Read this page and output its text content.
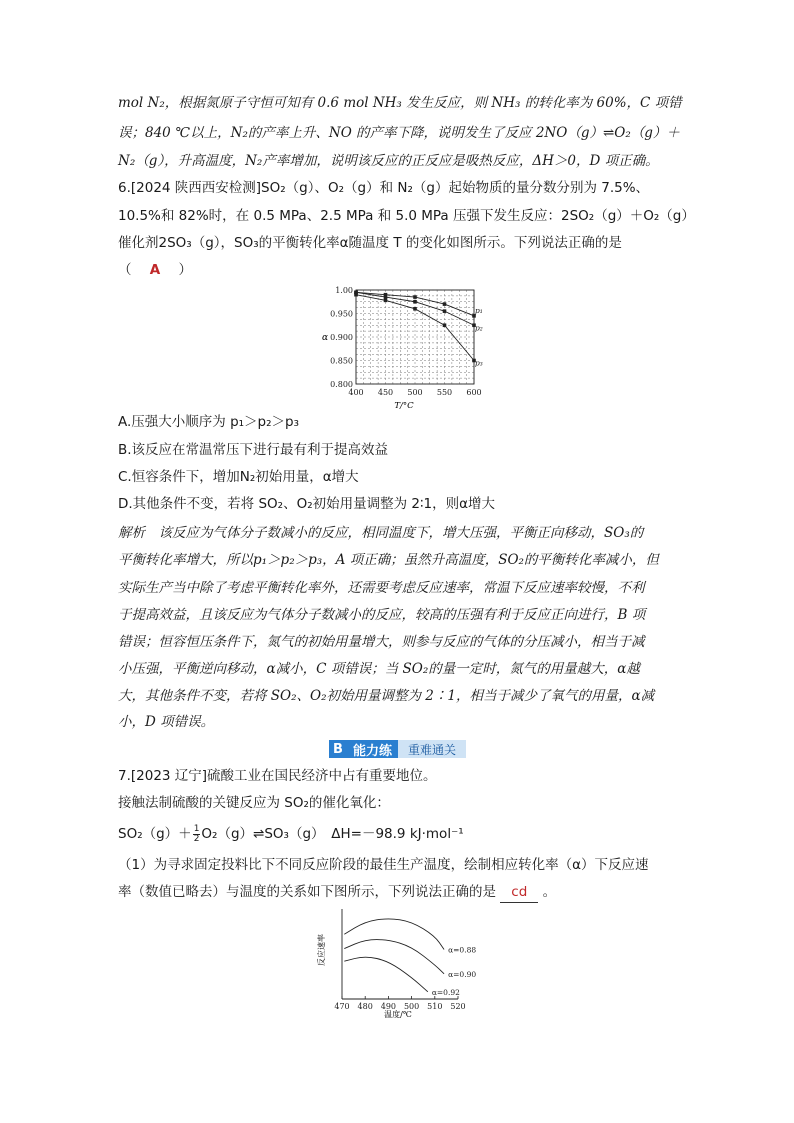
mol N₂，根据氮原子守恒可知有 0.6 mol NH₃ 发生反应，则 NH₃ 的转化率为 60%，C 项错
误；840 ℃以上，N₂的产率上升、NO 的产率下降，说明发生了反应 2NO（g）⇌O₂（g）＋
N₂（g），升高温度，N₂产率增加，说明该反应的正反应是吸热反应，ΔH＞0，D 项正确。
6.[2024 陕西西安检测]SO₂（g）、O₂（g）和 N₂（g）起始物质的量分数分别为 7.5%、
10.5%和 82%时，在 0.5 MPa、2.5 MPa 和 5.0 MPa 压强下发生反应：2SO₂（g）＋O₂（g）
催化剂2SO₃（g），SO₃的平衡转化率α随温度 T 的变化如图所示。下列说法正确的是
（ A ）
400 450 500 550 600
0.800
0.850
0.900
0.950
1.00
p₁
p₂
p₃
α
T/°C
A.压强大小顺序为 p₁＞p₂＞p₃
B.该反应在常温常压下进行最有利于提高效益
C.恒容条件下，增加N₂初始用量，α增大
D.其他条件不变，若将 SO₂、O₂初始用量调整为 2∶1，则α增大
解析　该反应为气体分子数减小的反应，相同温度下，增大压强，平衡正向移动，SO₃的
平衡转化率增大，所以p₁＞p₂＞p₃，A 项正确；虽然升高温度，SO₂的平衡转化率减小，但
实际生产当中除了考虑平衡转化率外，还需要考虑反应速率，常温下反应速率较慢，不利
于提高效益，且该反应为气体分子数减小的反应，较高的压强有利于反应正向进行，B 项
错误；恒容恒压条件下，氮气的初始用量增大，则参与反应的气体的分压减小，相当于减
小压强，平衡逆向移动，α减小，C 项错误；当 SO₂的量一定时，氮气的用量越大，α越
大，其他条件不变，若将 SO₂、O₂初始用量调整为 2∶1，相当于减少了氧气的用量，α减
小，D 项错误。
B 能力练	重难通关
7.[2023 辽宁]硫酸工业在国民经济中占有重要地位。
接触法制硫酸的关键反应为 SO₂的催化氧化：
$SO_2(g)+ \frac{1}{2}$ O₂（g）⇌SO₃（g）　ΔH=－98.9 kJ·mol⁻¹
（1）为寻求固定投料比下不同反应阶段的最佳生产温度，绘制相应转化率（α）下反应速
率（数值已略去）与温度的关系如下图所示，下列说法正确的是 cd 。
470 480 490 500 510 520
α=0.88
α=0.90
α=0.92
反应速率
温度/℃
